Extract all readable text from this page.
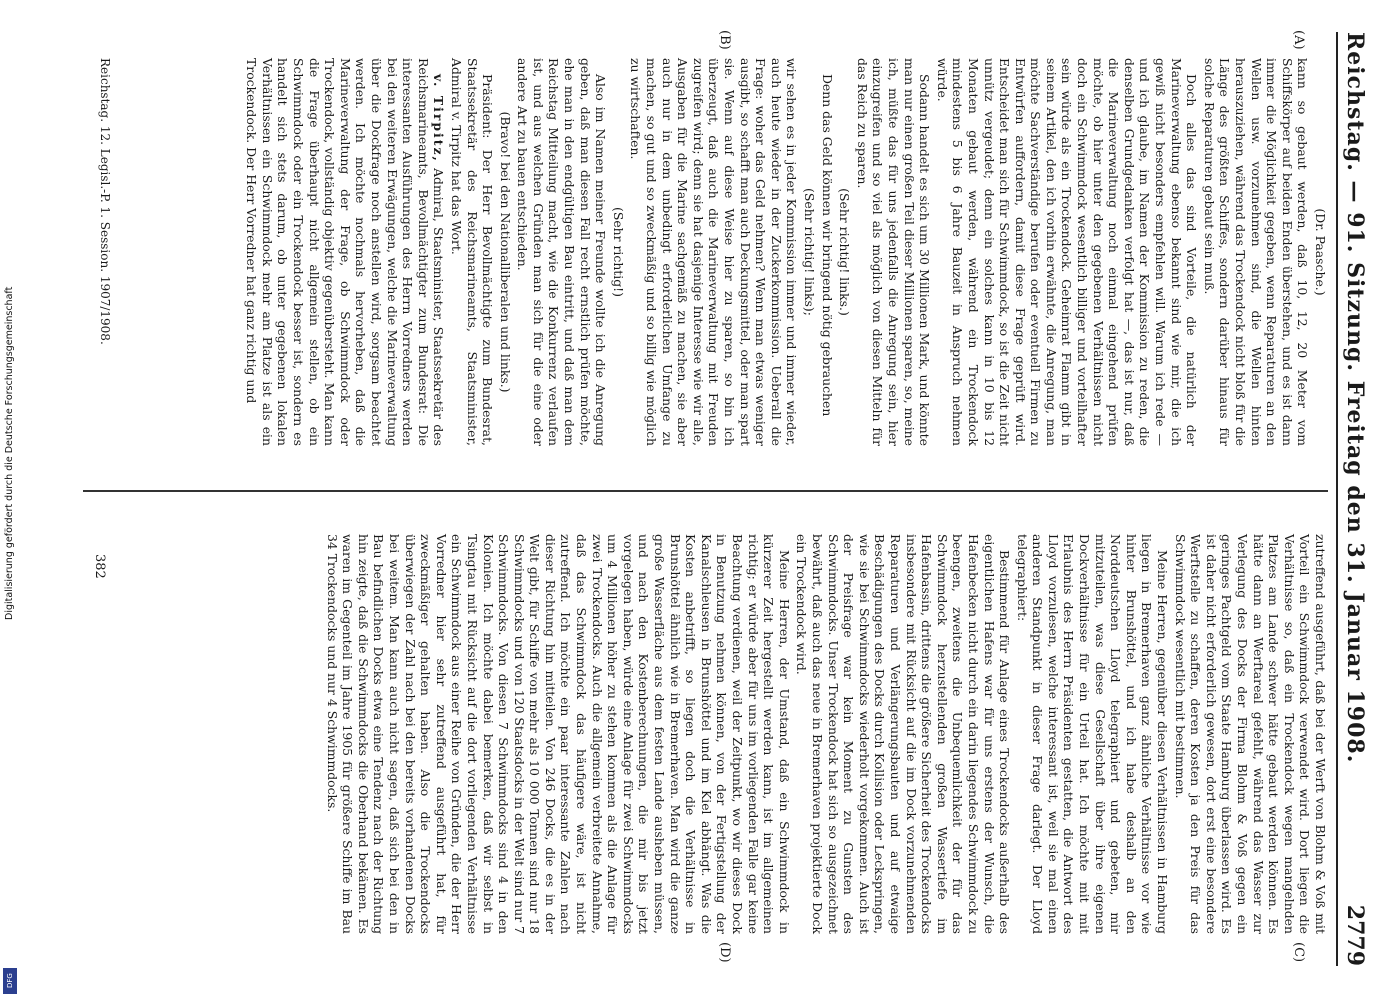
Reichstag. — 91. Sitzung. Freitag den 31. Januar 1908.
2779
(A)
(B)
(C)
(D)

(Dr. Paasche.)

kann so gebaut werden, daß 10, 12, 20 Meter vom Schiffskörper auf beiden Enden überstehen, und es ist dann immer die Möglichkeit gegeben, wenn Reparaturen an den Wellen usw. vorzunehmen sind, die Wellen hinten herauszuziehen, während das Trockendock nicht bloß für die Länge des größten Schiffes, sondern darüber hinaus für solche Reparaturen gebaut sein muß.

Doch alles das sind Vorteile, die natürlich der Marineverwaltung ebenso bekannt sind wie mir, die ich gewiß nicht besonders empfehlen will. Warum ich rede — und ich glaube, im Namen der Kommission zu reden, die denselben Grundgedanken verfolgt hat —, das ist nur, daß die Marineverwaltung noch einmal eingehend prüfen möchte, ob hier unter den gegebenen Verhältnissen nicht doch ein Schwimmdock wesentlich billiger und vorteilhafter sein würde als ein Trockendock. Geheimrat Flamm gibt in seinem Artikel, den ich vorhin erwähnte, die Anregung, man möchte Sachverständige berufen oder eventuell Firmen zu Entwürfen auffordern, damit diese Frage geprüft wird. Entscheidet man sich für Schwimmdock, so ist die Zeit nicht unnütz vergeudet; denn ein solches kann in 10 bis 12 Monaten gebaut werden, während ein Trockendock mindestens 5 bis 6 Jahre Bauzeit in Anspruch nehmen würde.

Sodann handelt es sich um 30 Millionen Mark, und könnte man nur einen großen Teil dieser Millionen sparen, so, meine ich, müßte das für uns jedenfalls die Anregung sein, hier einzugreifen und so viel als möglich von diesen Mitteln für das Reich zu sparen.

(Sehr richtig! links.)

Denn das Geld können wir bringend nötig gebrauchen

(Sehr richtig! links);

wir sehen es in jeder Kommission immer und immer wieder, auch heute wieder in der Zuckerkommission. Ueberall die Frage: woher das Geld nehmen? Wenn man etwas weniger ausgibt, so schafft man auch Deckungsmittel, oder man spart sie. Wenn auf diese Weise hier zu sparen, so bin ich überzeugt, daß auch die Marineverwaltung mit Freuden zugreifen wird; denn sie hat dasjenige Interesse wie wir alle, Ausgaben für die Marine sachgemäß zu machen, sie aber auch nur in dem unbedingt erforderlichen Umfange zu machen, so gut und so zweckmäßig und so billig wie möglich zu wirtschaften.

(Sehr richtig!)

Also im Namen meiner Freunde wollte ich die Anregung geben, daß man diesen Fall recht ernstlich prüfen möchte, ehe man in den endgültigen Bau eintritt, und daß man dem Reichstag Mitteilung macht, wie die Konkurrenz verlaufen ist, und aus welchen Gründen man sich für die eine oder andere Art zu bauen entschieden.

(Bravo! bei den Nationalliberalen und links.)

Präsident: Der Herr Bevollmächtigte zum Bundesrat, Staatssekretär des Reichsmarineamts, Staatsminister, Admiral v. Tirpitz hat das Wort.

v. Tirpitz, Admiral, Staatsminister, Staatssekretär des Reichsmarineamts, Bevollmächtigter zum Bundesrat: Die interessanten Ausführungen des Herrn Vorredners werden bei den weiteren Erwägungen, welche die Marineverwaltung über die Dockfrage noch anstellen wird, sorgsam beachtet werden. Ich möchte nochmals hervorheben, daß die Marineverwaltung der Frage, ob Schwimmdock oder Trockendock, vollständig objektiv gegenübersteht. Man kann die Frage überhaupt nicht allgemein stellen, ob ein Schwimmdock oder ein Trockendock besser ist, sondern es handelt sich stets darum, ob unter gegebenen lokalen Verhältnissen ein Schwimmdock mehr am Platze ist als ein Trockendock. Der Herr Vorredner hat ganz richtig und

zutreffend ausgeführt, daß bei der Werft von Blohm & Voß mit Vorteil ein Schwimmdock verwendet wird. Dort liegen die Verhältnisse so, daß ein Trockendock wegen mangelnden Platzes am Lande schwer hätte gebaut werden können. Es hätte dann an Werftareal gefehlt, während das Wasser zur Verlegung des Docks der Firma Blohm & Voß gegen ein geringes Pachtgeld vom Staate Hamburg überlassen wird. Es ist daher nicht erforderlich gewesen, dort erst eine besondere Werftstelle zu schaffen, deren Kosten ja den Preis für das Schwimmdock wesentlich mit bestimmen.

Meine Herren, gegenüber diesen Verhältnissen in Hamburg liegen in Bremerhaven ganz ähnliche Verhältnisse vor wie hinter Brunshöttel, und ich habe deshalb an den Norddeutschen Lloyd telegraphiert und gebeten, mir mitzuteilen, was diese Gesellschaft über ihre eigenen Dockverhältnisse für ein Urteil hat. Ich möchte mit mit Erlaubnis des Herrn Präsidenten gestatten, die Antwort des Lloyd vorzulesen, welche interessant ist, weil sie mal einen anderen Standpunkt in dieser Frage darlegt. Der Lloyd telegraphiert:

Bestimmend für Anlage eines Trockendocks außerhalb des eigentlichen Hafens war für uns erstens der Wunsch, die Hafenbecken nicht durch ein darin liegendes Schwimmdock zu beengen, zweitens die Unbequemlichkeit der für das Schwimmdock herzustellenden großen Wassertiefe im Hafenbassin, drittens die größere Sicherheit des Trockendocks insbesondere mit Rücksicht auf die im Dock vorzunehmenden Reparaturen und Verlängerungsbauten und auf etwaige Beschädigungen des Docks durch Kollision oder Leckspringen, wie sie bei Schwimmdocks wiederholt vorgekommen. Auch ist der Preisfrage war kein Moment zu Gunsten des Schwimmdocks. Unser Trockendock hat sich so ausgezeichnet bewährt, daß auch das neue in Bremerhaven projektierte Dock ein Trockendock wird.

Meine Herren, der Umstand, daß ein Schwimmdock in kürzerer Zeit hergestellt werden kann, ist im allgemeinen richtig; er würde aber für uns im vorliegenden Falle gar keine Beachtung verdienen, weil der Zeitpunkt, wo wir dieses Dock in Benutzung nehmen können, von der Fertigstellung der Kanalschleusen in Brunshöttel und im Kiel abhängt. Was die Kosten anbetrifft, so liegen doch die Verhältnisse in Brunshöttel ähnlich wie in Bremerhaven. Man wird die ganze große Wasserfläche aus dem festen Lande ausheben müssen, und nach den Kostenberechnungen, die mir bis jetzt vorgelegen haben, würde eine Anlage für zwei Schwimmdocks um 4 Millionen höher zu stehen kommen als die Anlage für zwei Trockendocks. Auch die allgemein verbreitete Annahme, daß das Schwimmdock das häufigere wäre, ist nicht zutreffend. Ich möchte ein paar interessante Zahlen nach dieser Richtung hin mitteilen. Von 246 Docks, die es in der Welt gibt, für Schiffe von mehr als 10 000 Tonnen sind nur 18 Schwimmdocks und von 120 Staatsdocks in der Welt sind nur 7 Schwimmdocks. Von diesen 7 Schwimmdocks sind 4 in den Kolonien. Ich möchte dabei bemerken, daß wir selbst in Tsingtau mit Rücksicht auf die dort vorliegenden Verhältnisse ein Schwimmdock aus einer Reihe von Gründen, die der Herr Vorredner hier sehr zutreffend ausgeführt hat, für zweckmäßiger gehalten haben. Also die Trockendocks überwiegen der Zahl nach bei den bereits vorhandenen Docks bei weitem. Man kann auch nicht sagen, daß sich bei den in Bau befindlichen Docks etwa eine Tendenz nach der Richtung hin zeigte, daß die Schwimmdocks die Oberhand bekämen. Es waren im Gegenteil im Jahre 1905 für größere Schiffe im Bau 34 Trockendocks und nur 4 Schwimmdocks.

Reichstag. 12. Legisl.-P. 1. Session. 1907/1908.
382
Digitalisierung gefördert durch die Deutsche Forschungsgemeinschaft
DFG
